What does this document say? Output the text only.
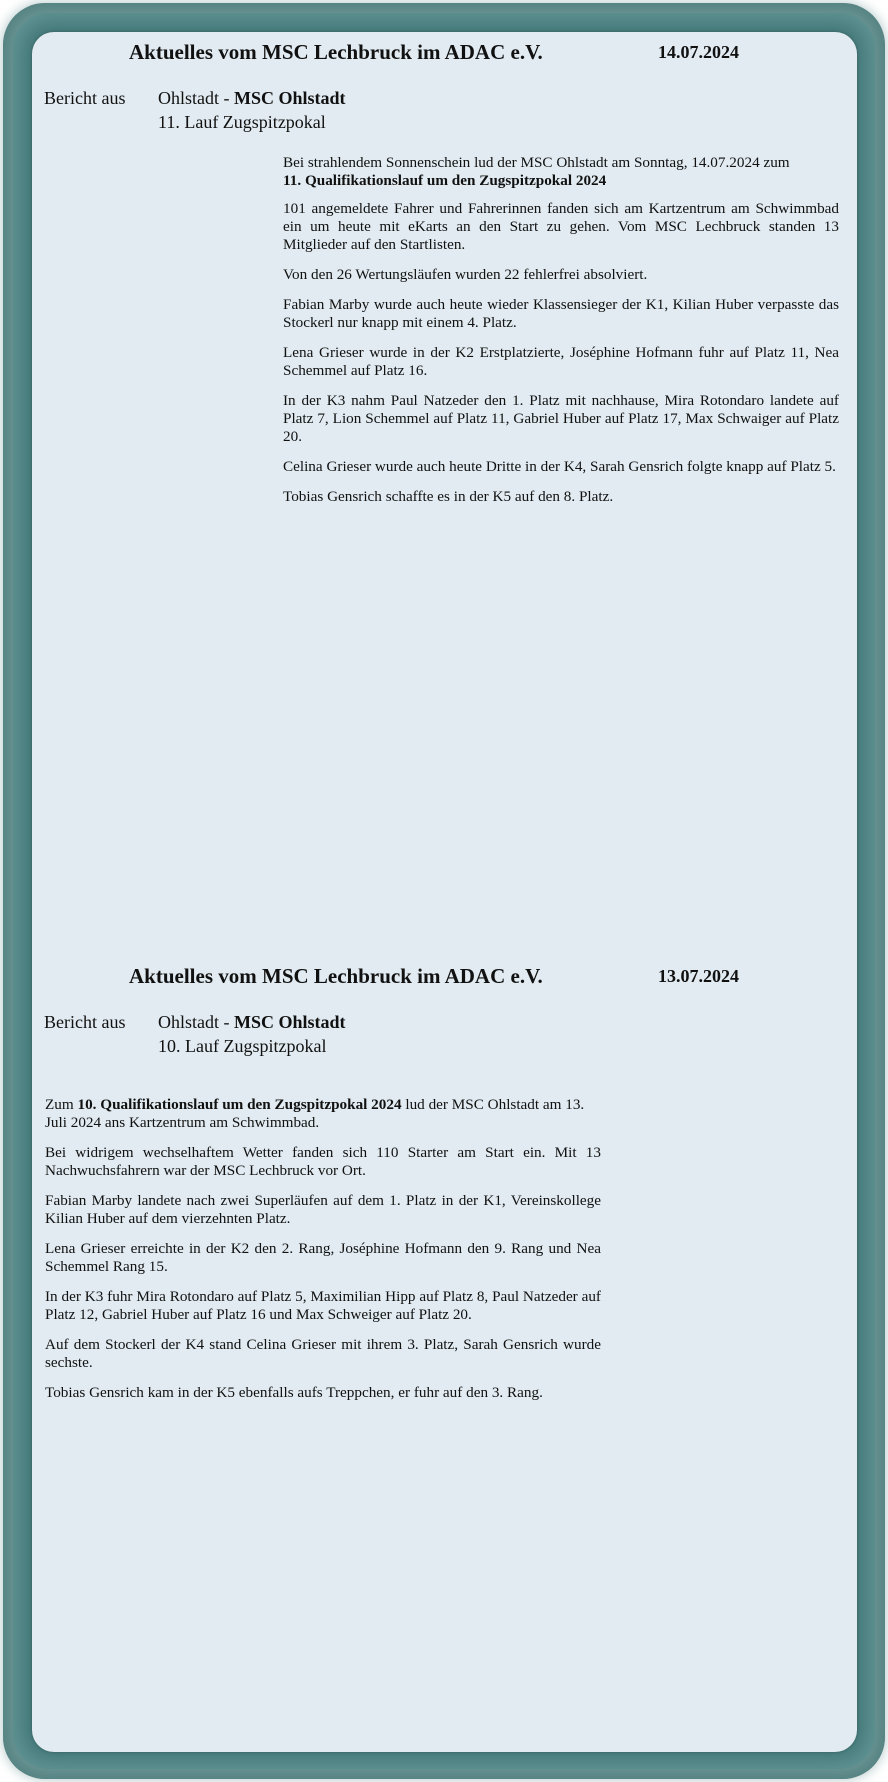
Aktuelles vom MSC Lechbruck im ADAC e.V.	14.07.2024
Bericht aus Ohlstadt - MSC Ohlstadt
11. Lauf Zugspitzpokal

Bei strahlendem Sonnenschein lud der MSC Ohlstadt am Sonntag, 14.07.2024 zum
11. Qualifikationslauf um den Zugspitzpokal 2024

101 angemeldete Fahrer und Fahrerinnen fanden sich am Kartzentrum am Schwimmbad ein um heute mit eKarts an den Start zu gehen. Vom MSC Lechbruck standen 13 Mitglieder auf den Startlisten.

Von den 26 Wertungsläufen wurden 22 fehlerfrei absolviert.

Fabian Marby wurde auch heute wieder Klassensieger der K1, Kilian Huber verpasste das Stockerl nur knapp mit einem 4. Platz.

Lena Grieser wurde in der K2 Erstplatzierte, Joséphine Hofmann fuhr auf Platz 11, Nea Schemmel auf Platz 16.

In der K3 nahm Paul Natzeder den 1. Platz mit nachhause, Mira Rotondaro landete auf Platz 7, Lion Schemmel auf Platz 11, Gabriel Huber auf Platz 17, Max Schwaiger auf Platz 20.

Celina Grieser wurde auch heute Dritte in der K4, Sarah Gensrich folgte knapp auf Platz 5.

Tobias Gensrich schaffte es in der K5 auf den 8. Platz.

Aktuelles vom MSC Lechbruck im ADAC e.V.	13.07.2024
Bericht aus Ohlstadt - MSC Ohlstadt
10. Lauf Zugspitzpokal

Zum 10. Qualifikationslauf um den Zugspitzpokal 2024 lud der MSC Ohlstadt am 13. Juli 2024 ans Kartzentrum am Schwimmbad.

Bei widrigem wechselhaftem Wetter fanden sich 110 Starter am Start ein. Mit 13 Nachwuchsfahrern war der MSC Lechbruck vor Ort.

Fabian Marby landete nach zwei Superläufen auf dem 1. Platz in der K1, Vereinskollege Kilian Huber auf dem vierzehnten Platz.

Lena Grieser erreichte in der K2 den 2. Rang, Joséphine Hofmann den 9. Rang und Nea Schemmel Rang 15.

In der K3 fuhr Mira Rotondaro auf Platz 5, Maximilian Hipp auf Platz 8, Paul Natzeder auf Platz 12, Gabriel Huber auf Platz 16 und Max Schweiger auf Platz 20.

Auf dem Stockerl der K4 stand Celina Grieser mit ihrem 3. Platz, Sarah Gensrich wurde sechste.

Tobias Gensrich kam in der K5 ebenfalls aufs Treppchen, er fuhr auf den 3. Rang.
